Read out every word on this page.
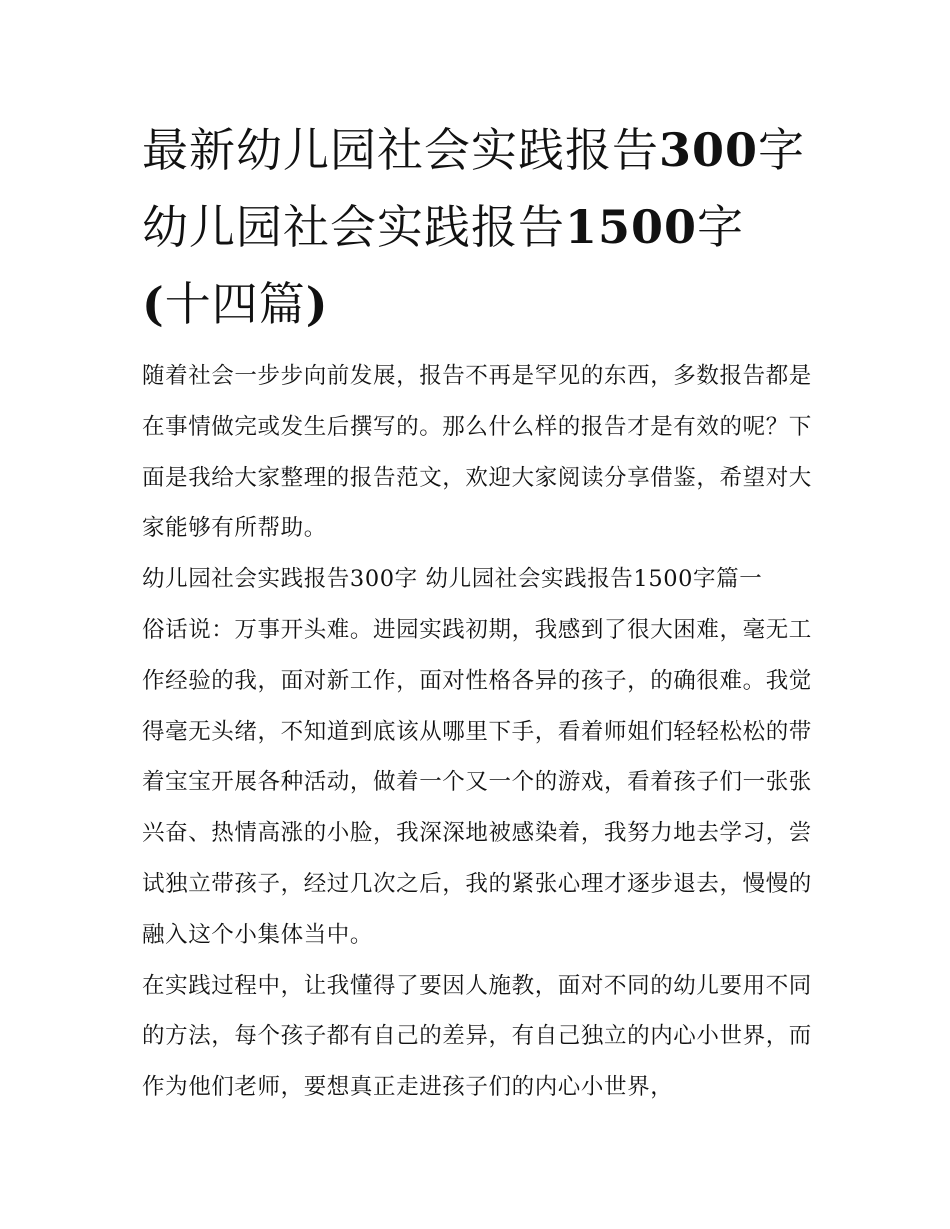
最新幼儿园社会实践报告300字 幼儿园社会实践报告1500字(十四篇)

随着社会一步步向前发展，报告不再是罕见的东西，多数报告都是在事情做完或发生后撰写的。那么什么样的报告才是有效的呢？下面是我给大家整理的报告范文，欢迎大家阅读分享借鉴，希望对大家能够有所帮助。

幼儿园社会实践报告300字 幼儿园社会实践报告1500字篇一

俗话说：万事开头难。进园实践初期，我感到了很大困难，毫无工作经验的我，面对新工作，面对性格各异的孩子，的确很难。我觉得毫无头绪，不知道到底该从哪里下手，看着师姐们轻轻松松的带着宝宝开展各种活动，做着一个又一个的游戏，看着孩子们一张张兴奋、热情高涨的小脸，我深深地被感染着，我努力地去学习，尝试独立带孩子，经过几次之后，我的紧张心理才逐步退去，慢慢的融入这个小集体当中。

在实践过程中，让我懂得了要因人施教，面对不同的幼儿要用不同的方法，每个孩子都有自己的差异，有自己独立的内心小世界，而作为他们老师，要想真正走进孩子们的内心小世界，
